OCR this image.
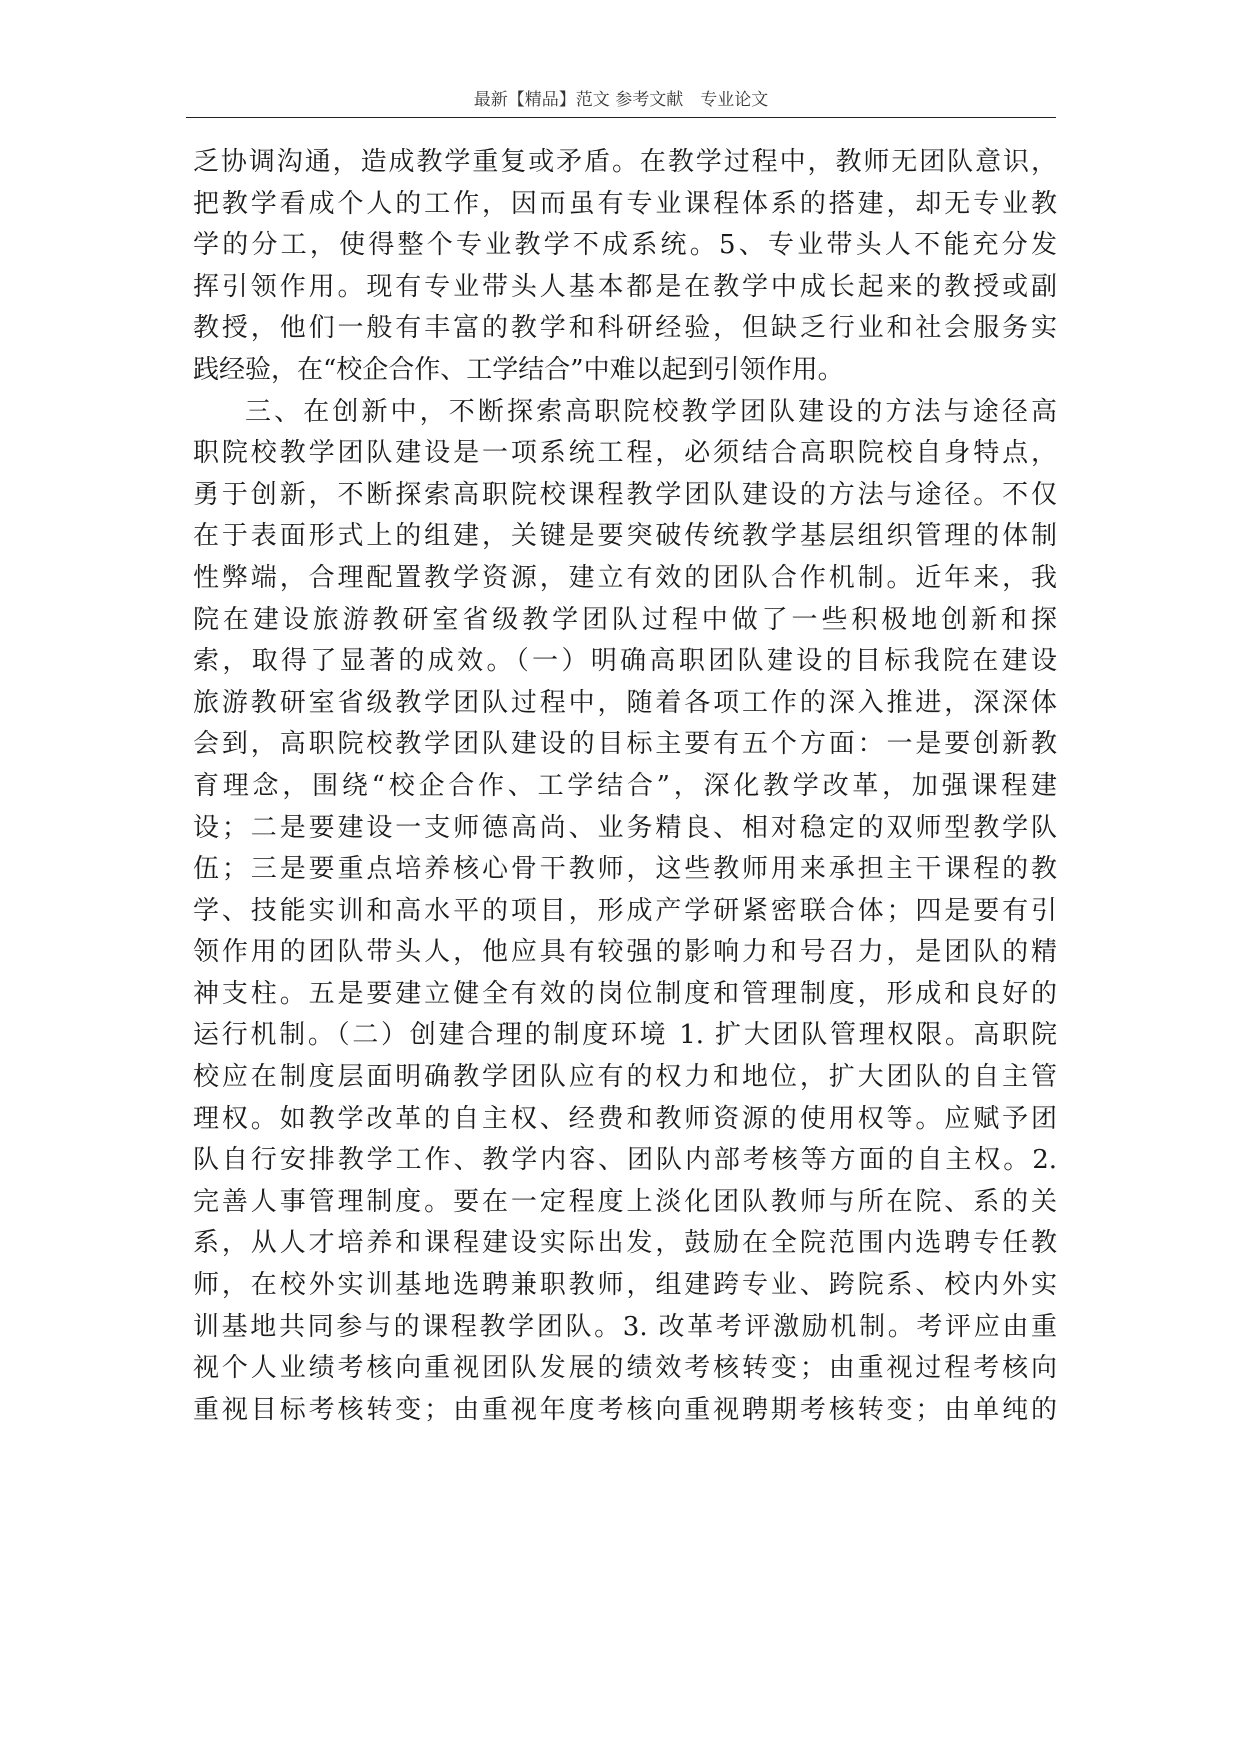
最新【精品】范文 参考文献　专业论文
乏协调沟通，造成教学重复或矛盾。在教学过程中，教师无团队意识，
把教学看成个人的工作，因而虽有专业课程体系的搭建，却无专业教
学的分工，使得整个专业教学不成系统。5、专业带头人不能充分发
挥引领作用。现有专业带头人基本都是在教学中成长起来的教授或副
教授，他们一般有丰富的教学和科研经验，但缺乏行业和社会服务实
践经验，在“校企合作、工学结合”中难以起到引领作用。
三、在创新中，不断探索高职院校教学团队建设的方法与途径高
职院校教学团队建设是一项系统工程，必须结合高职院校自身特点，
勇于创新，不断探索高职院校课程教学团队建设的方法与途径。不仅
在于表面形式上的组建，关键是要突破传统教学基层组织管理的体制
性弊端，合理配置教学资源，建立有效的团队合作机制。近年来，我
院在建设旅游教研室省级教学团队过程中做了一些积极地创新和探
索，取得了显著的成效。（一）明确高职团队建设的目标我院在建设
旅游教研室省级教学团队过程中，随着各项工作的深入推进，深深体
会到，高职院校教学团队建设的目标主要有五个方面：一是要创新教
育理念，围绕“校企合作、工学结合”，深化教学改革，加强课程建
设；二是要建设一支师德高尚、业务精良、相对稳定的双师型教学队
伍；三是要重点培养核心骨干教师，这些教师用来承担主干课程的教
学、技能实训和高水平的项目，形成产学研紧密联合体；四是要有引
领作用的团队带头人，他应具有较强的影响力和号召力，是团队的精
神支柱。五是要建立健全有效的岗位制度和管理制度，形成和良好的
运行机制。（二）创建合理的制度环境 1. 扩大团队管理权限。高职院
校应在制度层面明确教学团队应有的权力和地位，扩大团队的自主管
理权。如教学改革的自主权、经费和教师资源的使用权等。应赋予团
队自行安排教学工作、教学内容、团队内部考核等方面的自主权。2.
完善人事管理制度。要在一定程度上淡化团队教师与所在院、系的关
系，从人才培养和课程建设实际出发，鼓励在全院范围内选聘专任教
师，在校外实训基地选聘兼职教师，组建跨专业、跨院系、校内外实
训基地共同参与的课程教学团队。3. 改革考评激励机制。考评应由重
视个人业绩考核向重视团队发展的绩效考核转变；由重视过程考核向
重视目标考核转变；由重视年度考核向重视聘期考核转变；由单纯的
